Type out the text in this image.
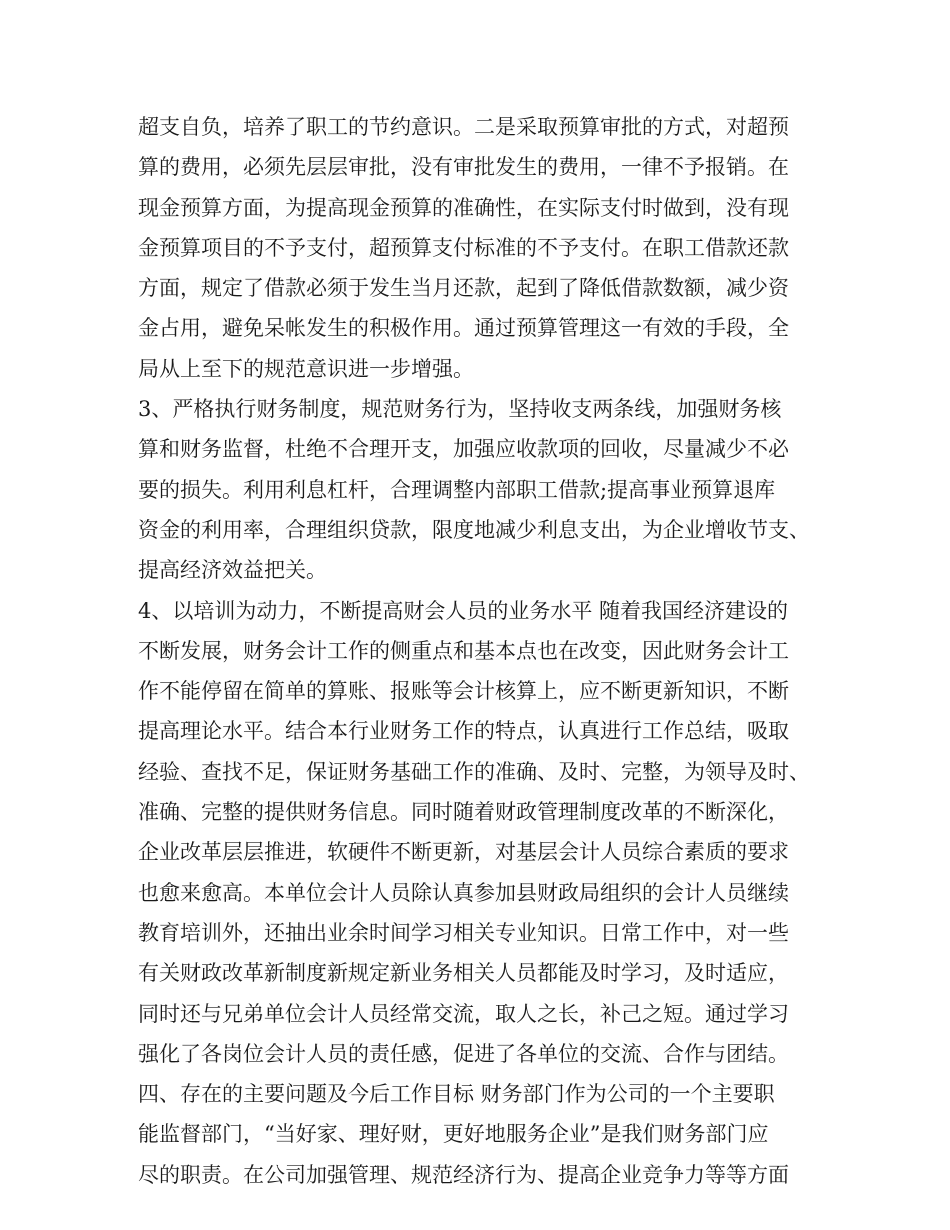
超支自负，培养了职工的节约意识。二是采取预算审批的方式，对超预
算的费用，必须先层层审批，没有审批发生的费用，一律不予报销。在
现金预算方面，为提高现金预算的准确性，在实际支付时做到，没有现
金预算项目的不予支付，超预算支付标准的不予支付。在职工借款还款
方面，规定了借款必须于发生当月还款，起到了降低借款数额，减少资
金占用，避免呆帐发生的积极作用。通过预算管理这一有效的手段，全
局从上至下的规范意识进一步增强。
3、严格执行财务制度，规范财务行为，坚持收支两条线，加强财务核
算和财务监督，杜绝不合理开支，加强应收款项的回收，尽量减少不必
要的损失。利用利息杠杆，合理调整内部职工借款;提高事业预算退库
资金的利用率，合理组织贷款，限度地减少利息支出，为企业增收节支、
提高经济效益把关。
4、以培训为动力，不断提高财会人员的业务水平 随着我国经济建设的
不断发展，财务会计工作的侧重点和基本点也在改变，因此财务会计工
作不能停留在简单的算账、报账等会计核算上，应不断更新知识，不断
提高理论水平。结合本行业财务工作的特点，认真进行工作总结，吸取
经验、查找不足，保证财务基础工作的准确、及时、完整，为领导及时、
准确、完整的提供财务信息。同时随着财政管理制度改革的不断深化，
企业改革层层推进，软硬件不断更新，对基层会计人员综合素质的要求
也愈来愈高。本单位会计人员除认真参加县财政局组织的会计人员继续
教育培训外，还抽出业余时间学习相关专业知识。日常工作中，对一些
有关财政改革新制度新规定新业务相关人员都能及时学习，及时适应，
同时还与兄弟单位会计人员经常交流，取人之长，补己之短。通过学习
强化了各岗位会计人员的责任感，促进了各单位的交流、合作与团结。
四、存在的主要问题及今后工作目标 财务部门作为公司的一个主要职
能监督部门，“当好家、理好财，更好地服务企业”是我们财务部门应
尽的职责。在公司加强管理、规范经济行为、提高企业竞争力等等方面
